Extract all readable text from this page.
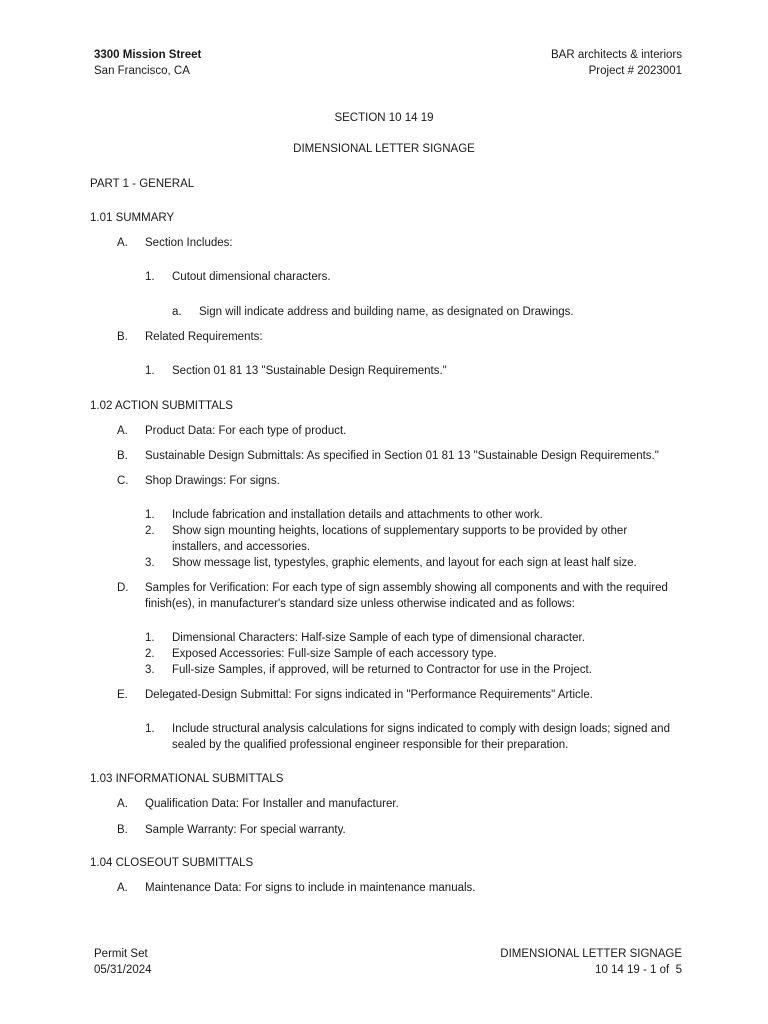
3300 Mission Street
San Francisco, CA
BAR architects & interiors
Project # 2023001
SECTION 10 14 19
DIMENSIONAL LETTER SIGNAGE
PART 1 - GENERAL
1.01 SUMMARY
A. Section Includes:
1. Cutout dimensional characters.
a. Sign will indicate address and building name, as designated on Drawings.
B. Related Requirements:
1. Section 01 81 13 "Sustainable Design Requirements."
1.02 ACTION SUBMITTALS
A. Product Data: For each type of product.
B. Sustainable Design Submittals: As specified in Section 01 81 13 "Sustainable Design Requirements."
C. Shop Drawings: For signs.
1. Include fabrication and installation details and attachments to other work.
2. Show sign mounting heights, locations of supplementary supports to be provided by other
installers, and accessories.
3. Show message list, typestyles, graphic elements, and layout for each sign at least half size.
D. Samples for Verification: For each type of sign assembly showing all components and with the required
finish(es), in manufacturer's standard size unless otherwise indicated and as follows:
1. Dimensional Characters: Half-size Sample of each type of dimensional character.
2. Exposed Accessories: Full-size Sample of each accessory type.
3. Full-size Samples, if approved, will be returned to Contractor for use in the Project.
E. Delegated-Design Submittal: For signs indicated in "Performance Requirements" Article.
1. Include structural analysis calculations for signs indicated to comply with design loads; signed and
sealed by the qualified professional engineer responsible for their preparation.
1.03 INFORMATIONAL SUBMITTALS
A. Qualification Data: For Installer and manufacturer.
B. Sample Warranty: For special warranty.
1.04 CLOSEOUT SUBMITTALS
A. Maintenance Data: For signs to include in maintenance manuals.
Permit Set
05/31/2024
DIMENSIONAL LETTER SIGNAGE
10 14 19 - 1 of  5
